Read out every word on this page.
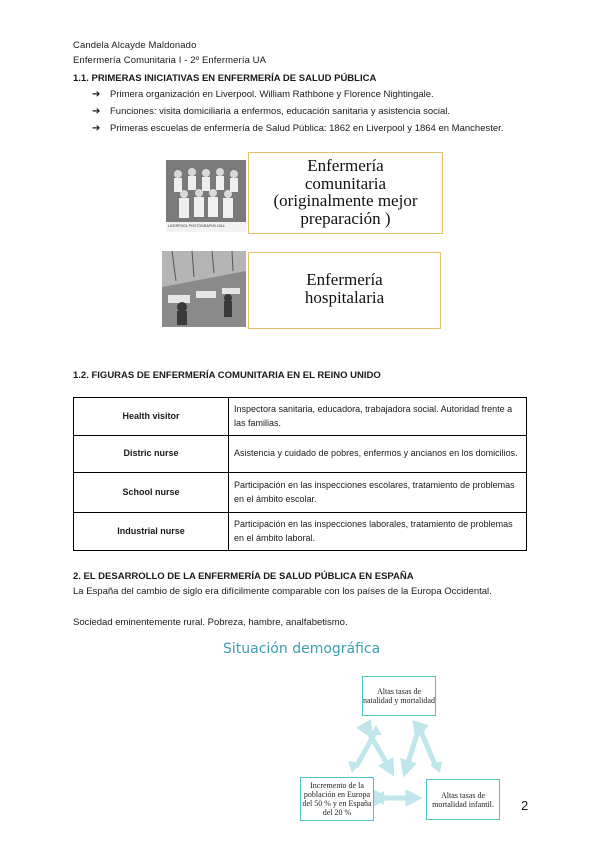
Candela Alcayde Maldonado
Enfermería Comunitaria I - 2º Enfermería UA
1.1. PRIMERAS INICIATIVAS EN ENFERMERÍA DE SALUD PÚBLICA
➔ Primera organización en Liverpool. William Rathbone y Florence Nightingale.
➔ Funciones: visita domiciliaria a enfermos, educación sanitaria y asistencia social.
➔ Primeras escuelas de enfermería de Salud Pública: 1862 en Liverpool y 1864 en Manchester.
LIVERPOOL PHOTOGRAPHS 1914
Enfermería
comunitaria
(originalmente mejor
preparación )
Enfermería
hospitalaria
1.2. FIGURAS DE ENFERMERÍA COMUNITARIA EN EL REINO UNIDO
Health visitor	Inspectora sanitaria, educadora, trabajadora social. Autoridad frente a las familias.
Distric nurse	Asistencia y cuidado de pobres, enfermos y ancianos en los domicilios.
School nurse	Participación en las inspecciones escolares, tratamiento de problemas en el ámbito escolar.
Industrial nurse	Participación en las inspecciones laborales, tratamiento de problemas en el ámbito laboral.
2. EL DESARROLLO DE LA ENFERMERÍA DE SALUD PÚBLICA EN ESPAÑA
La España del cambio de siglo era difícilmente comparable con los países de la Europa Occidental.
Sociedad eminentemente rural. Pobreza, hambre, analfabetismo.
Situación demográfica
Altas tasas de natalidad y mortalidad
Altas tasas de mortalidad infantil.
Incremento de la población en Europa del 50 % y en España del 20 %	2
